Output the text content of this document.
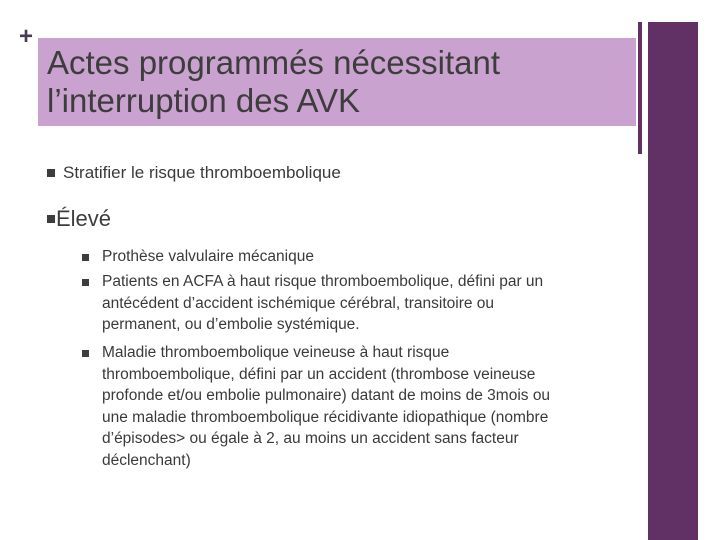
+
Actes programmés nécessitant
l’interruption des AVK
Stratifier le risque thromboembolique
Élevé
Prothèse valvulaire mécanique
Patients en ACFA à haut risque thromboembolique, défini par un
antécédent d’accident ischémique cérébral, transitoire ou
permanent, ou d’embolie systémique.
Maladie thromboembolique veineuse à haut risque
thromboembolique, défini par un accident (thrombose veineuse
profonde et/ou embolie pulmonaire) datant de moins de 3mois ou
une maladie thromboembolique récidivante idiopathique (nombre
d’épisodes> ou égale à 2, au moins un accident sans facteur
déclenchant)
